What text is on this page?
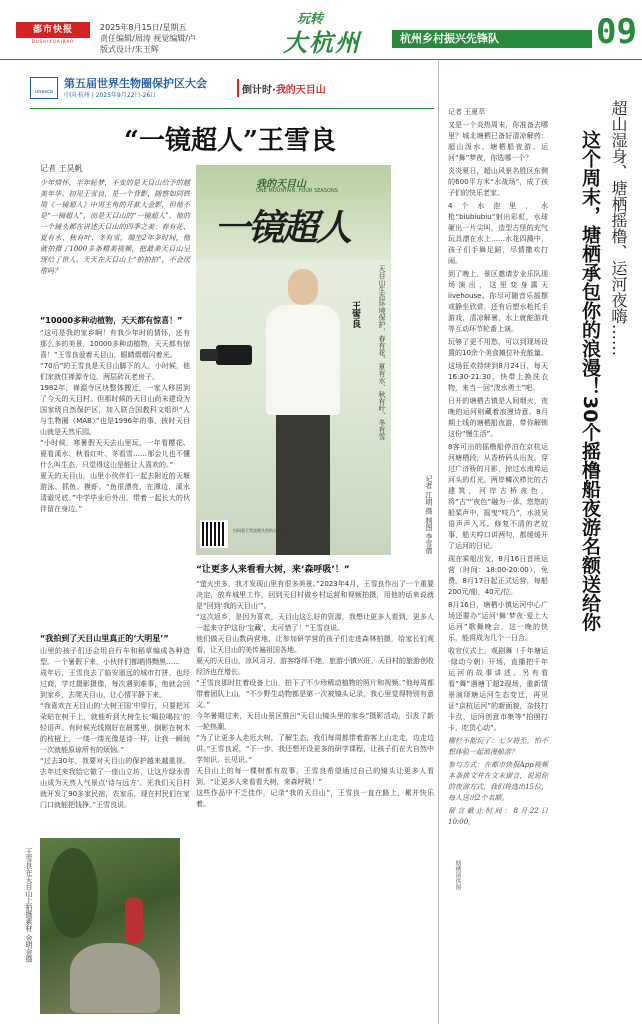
都市快报
DUSHIKUAIBAO
2025年8月15日/星期五
责任编辑/周涛 视觉编辑/卢
版式设计/朱玉辉
玩转
大杭州	杭州乡村振兴先锋队	09
unesco
第五届世界生物圈保护区大会
中国·杭州 | 2025年9月22日-26日	倒计时·我的天目山
“一镜超人”王雪良
记者 王昊帆
少年情怀，半年轮梦，不变的是天目山给予的越美年华。初见王雪良，是一个背影，随察如同铁境《一镜超人》中男主角的开款大金影，但他不是“一镜超人”，而是天目山的“一镜超人”。他的一个镜头都在讲述天目山的四季之美：春有花、夏有水、秋有叶、冬有雪，端坐2年多时间，他就拍摄了1000多条精美视频，把最美天目山呈现给了世人。天天在天目山上“拍拍拍”，不会厌倦吗？
“10000多种动植物，天天都有惊喜！”

“这可是我的家乡啊！有我少年时的情怀，还有那么多的美景，10000多种动植物，天天都有惊喜！”王雪良爱着天目山，眼睛熠熠闪着光。

“70后”的王雪良是天目山脚下的人，小时候，他们家就住禅源寺边，两层砖瓦老房子。

1982年，禅源寺区块整体搬迁，一家人移居到了今天的天目村。但那时候的天目山尚未建设为国家级自然保护区，加入联合国教科文组织“人与生物圈（MAB）”也是1996年的事，彼时天目山就是天然乐园。

“小时候，寒暑假天天去山里玩，一年看樱花、夏看溪水、秋看红叶、冬看雪……那会儿也不懂什么叫生态，只觉得这山是能让人喜欢的。”

夏天的天目山，山里小伙伴们一起去附近的天堰游泳、抓鱼、摸虾。“鱼很漂亮，在潭边，溪水清澈见底。”中学毕业后外出，带着一起长大的伙伴留在身边。”

“我拍到了天目山里真正的‘大明星’”

山里的孩子们还会用自行车和稻草编成各种造型。一个暑假下来，小伙伴们都晒得黝黑……

成年后，王雪良去了临安遥远的城市打拼，也经过商，学过摄影摄像，每次遇到难事，他就会回到家乡，去爬天目山，让心情平静下来。

“我喜欢在天目山的‘大树王国’中穿行，只要把耳朵贴在树干上，就能听到大树生长‘喝拉喝拉’的轻语声。有时候光线刚好在晨雾里，倒影在树木的枝桠上，一缕一缕光像是诗一样，让我一瞬间一次就能原谅所有的烦恼。”

“过去30年，我要对天目山的保护越来越重视。去年过来我给它做了一座山立坊，让这片绿水青山成为天然人气景点‘诗与远方’。光我们天目村就开发了90多家民宿，农家乐，现在村民们在家门口就能把钱挣。”王雪良说。

我的天目山
ONE MOUNTAIN, FOUR SEASONS
一镜超人
天目山生态环境保护，春有花、夏有水、秋有叶、冬有雪
王雪良
扫码看王雪良镜头里的天目山	记者 江明 摄 制图 李雪倩
“让更多人来看看大树，来‘森呼吸’！”

“萤火虫多，我才发现山里有很多美景。”2023年4月，王雪良作出了一个重要决定，放弃城里工作，回到天目村做乡村运营和视频拍摄，用他的话来说就是“回到‘我的天目山’”。

“这次返乡，是因为喜欢，天目山这么好的资源，我想让更多人看到，更多人一起来守护这份‘宝藏’，太可惜了！”王雪良说。

他们做天目山数码营地，让参加研学营的孩子们走进森林拍摄，给家长们观看，让天目山的美传遍祖国各地。

夏天的天目山，凉风习习，游客络绎不绝，旅游小镇兴旺，天目村的旅游创收经济也在增长。

“王雪良那时扛着设备上山，拍下了不少珍稀动植物的照片和视频。”他每周都带着团队上山，“不少野生动物都是第一次被镜头记录，我心里觉得特别有意义。”

今年暑期过来，天目山景区推出“天目山镜头里的家乡”摄影活动，引发了新一轮热潮。

“为了让更多人走近大树，了解生态，我们每周都带着游客上山走走，边走边讲。”王雪良说，“下一步，我还想开设更多的研学课程，让孩子们在大自然中学知识、长见识。”

天目山上的每一棵树都有故事，王雪良希望通过自己的镜头让更多人看到，“让更多人来看看大树，来森呼吸！”

这些作品中不乏佳作，记录“我的天目山”，王雪良一直在路上，累并快乐着。

王雪良在天目山上拍摄素材 金明金摄
记者 王夏萃

又是一个炎热周末，你准备去哪里？城北塘栖已备好清凉解药：超山泼水、塘栖船夜游、运河“舞”梦夜，你选哪一个？

炎炎夏日，超山风景名胜区东侧的600平方米“水战场”，成了孩子们的快乐老家。

4个水泡里，水枪“biubiubiu”射出彩虹，水球砸出一片尖叫，造型古怪的充气玩具漂在水上……水花四溅中，孩子们手舞足蹈，尽情撒欢打闹。

到了晚上，景区邀请专业乐队现场演出，这里变身露天livehouse。你尽可随音乐摇摆或静坐欣赏，还有后塑水枪托手游戏，清凉解暑，水上就能游戏等互动环节轮番上演。

玩够了更不用愁，可以到现场设置的10余个美食摊位补充能量。

这场狂欢持续到8月24日，每天16:30-21:30，快带上换洗衣物，来当一回“泼水勇士”吧。

日开的塘栖古镇是人间烟火，夜晚的运河则藏着浪漫诗意。8月期上线的塘栖船夜游，带你解锁这份“慢生活”。

8客可出的摇橹船停泊在京杭运河塘栖段，从香桥码头出发，穿过广济桥的月影，掠过水南埠运河头的灯光，两岸鳞次栉比的古建筑，河岸古桥夜色，将“古”“夜色”融为一体。悠悠的船桨声中，摇曳“吱乃”，水波吴语声声入耳。修复不清的老故事，船夫哼口讲两句，都缓缓开了运河的日记。

现在乘船出发，8月16日首班运营（时间：18:00-20:00），免费。8月17日起正式运营，每船200元/船，40元/位。

8月16日，塘栖小镇运河中心广场还要办“运河‘舞’梦夜·爱上大运河”歌舞晚会，这一晚的快乐，能将成为几个一日合。

收官仪式上，观剧舞（千年塘运·绿动今朝）开场，直播把千年运河的故事讲述。另有看看“舞”遇塘丁超2现场，重新情景演绎塘运河生态变迁，再见证“京杭运河”的新面貌，杂技打卡点、运河创意市集等“拍照打卡、吃货心动”。

栅栏不能玩了：七夕将至，怕不想体验一起浪漫船游？

参与方式：在都市快报App视频本条推文并在文末留言，说说你的夜游方式，我们将选出15位，每人送出2个名额。

留言截止时间：8月22日10:00。

超山湿身、塘栖摇橹、运河夜嗨……
这个周末，塘栖承包你的浪漫！30个摇橹船夜游名额送给你
塘栖镇供图
